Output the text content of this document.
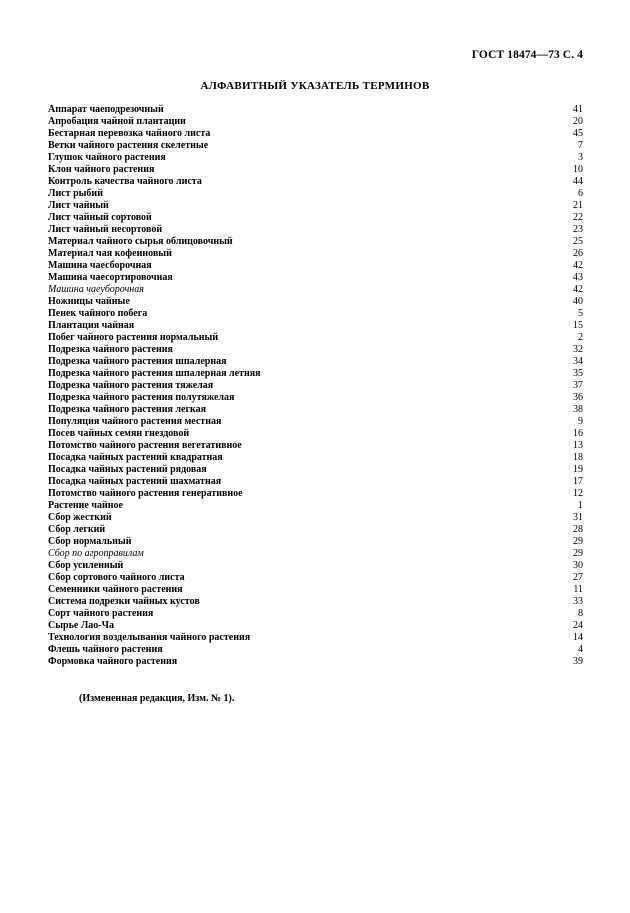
ГОСТ 18474—73 С. 4
АЛФАВИТНЫЙ УКАЗАТЕЛЬ ТЕРМИНОВ
Аппарат чаеподрезочный	41
Апробация чайной плантации	20
Бестарная перевозка чайного листа	45
Ветки чайного растения скелетные	7
Глушок чайного растения	3
Клон чайного растения	10
Контроль качества чайного листа	44
Лист рыбий	6
Лист чайный	21
Лист чайный сортовой	22
Лист чайный несортовой	23
Материал чайного сырья облицовочный	25
Материал чая кофеиновый	26
Машина чаесборочная	42
Машина чаесортировочная	43
Машина чаеуборочная	42
Ножницы чайные	40
Пенек чайного побега	5
Плантация чайная	15
Побег чайного растения нормальный	2
Подрезка чайного растения	32
Подрезка чайного растения шпалерная	34
Подрезка чайного растения шпалерная летняя	35
Подрезка чайного растения тяжелая	37
Подрезка чайного растения полутяжелая	36
Подрезка чайного растения легкая	38
Популяция чайного растения местная	9
Посев чайных семян гнездовой	16
Потомство чайного растения вегетативное	13
Посадка чайных растений квадратная	18
Посадка чайных растений рядовая	19
Посадка чайных растений шахматная	17
Потомство чайного растения генеративное	12
Растение чайное	1
Сбор жесткий	31
Сбор легкий	28
Сбор нормальный	29
Сбор по агроправилам	29
Сбор усиленный	30
Сбор сортового чайного листа	27
Семенники чайного растения	11
Система подрезки чайных кустов	33
Сорт чайного растения	8
Сырье Лао-Ча	24
Технология возделывания чайного растения	14
Флешь чайного растения	4
Формовка чайного растения	39
(Измененная редакция, Изм. № 1).
